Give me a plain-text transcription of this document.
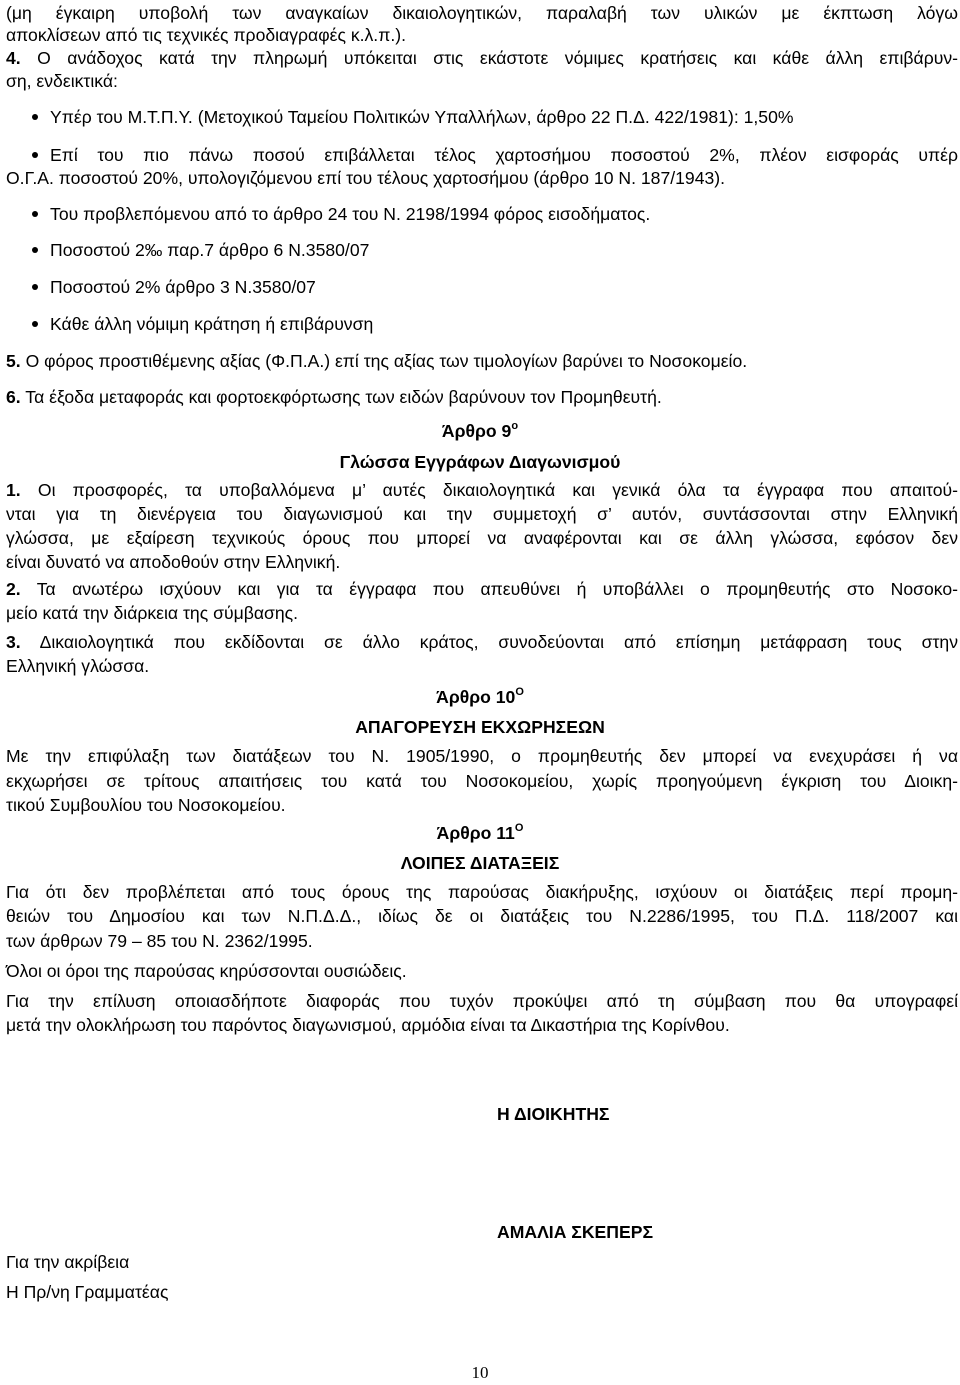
(μη έγκαιρη υποβολή των αναγκαίων δικαιολογητικών, παραλαβή των υλικών με έκπτωση λόγω
αποκλίσεων από τις τεχνικές προδιαγραφές κ.λ.π.).
4. Ο ανάδοχος κατά την πληρωμή υπόκειται στις εκάστοτε νόμιμες κρατήσεις και κάθε άλλη επιβάρυν-
ση, ενδεικτικά:
Υπέρ του Μ.Τ.Π.Υ. (Μετοχικού Ταμείου Πολιτικών Υπαλλήλων, άρθρο 22 Π.Δ. 422/1981): 1,50%
Επί του πιο πάνω ποσού επιβάλλεται τέλος χαρτοσήμου ποσοστού 2%, πλέον εισφοράς υπέρ
Ο.Γ.Α. ποσοστού 20%, υπολογιζόμενου επί του τέλους χαρτοσήμου (άρθρο 10 Ν. 187/1943).
Του προβλεπόμενου από το άρθρο 24 του Ν. 2198/1994 φόρος εισοδήματος.
Ποσοστού 2‰ παρ.7 άρθρο 6 Ν.3580/07
Ποσοστού 2% άρθρο 3 Ν.3580/07
Κάθε άλλη νόμιμη κράτηση ή επιβάρυνση
5. Ο φόρος προστιθέμενης αξίας (Φ.Π.Α.) επί της αξίας των τιμολογίων βαρύνει το Νοσοκομείο.
6. Τα έξοδα μεταφοράς και φορτοεκφόρτωσης των ειδών βαρύνουν τον Προμηθευτή.
Άρθρο $9^o$
Γλώσσα Εγγράφων Διαγωνισμού
1. Οι προσφορές, τα υποβαλλόμενα μ’ αυτές δικαιολογητικά και γενικά όλα τα έγγραφα που απαιτού-
νται για τη διενέργεια του διαγωνισμού και την συμμετοχή σ’ αυτόν, συντάσσονται στην Ελληνική
γλώσσα, με εξαίρεση τεχνικούς όρους που μπορεί να αναφέρονται και σε άλλη γλώσσα, εφόσον δεν
είναι δυνατό να αποδοθούν στην Ελληνική.
2. Τα ανωτέρω ισχύουν και για τα έγγραφα που απευθύνει ή υποβάλλει ο προμηθευτής στο Νοσοκο-
μείο κατά την διάρκεια της σύμβασης.
3. Δικαιολογητικά που εκδίδονται σε άλλο κράτος, συνοδεύονται από επίσημη μετάφραση τους στην
Ελληνική γλώσσα.
Άρθρο $10^O$
ΑΠΑΓΟΡΕΥΣΗ ΕΚΧΩΡΗΣΕΩΝ
Με την επιφύλαξη των διατάξεων του Ν. 1905/1990, ο προμηθευτής δεν μπορεί να ενεχυράσει ή να
εκχωρήσει σε τρίτους απαιτήσεις του κατά του Νοσοκομείου, χωρίς προηγούμενη έγκριση του Διοικη-
τικού Συμβουλίου του Νοσοκομείου.
Άρθρο $11^O$
ΛΟΙΠΕΣ ΔΙΑΤΑΞΕΙΣ
Για ότι δεν προβλέπεται από τους όρους της παρούσας διακήρυξης, ισχύουν οι διατάξεις περί προμη-
θειών του Δημοσίου και των Ν.Π.Δ.Δ., ιδίως δε οι διατάξεις του Ν.2286/1995, του Π.Δ. 118/2007 και
των άρθρων 79 – 85 του Ν. 2362/1995.
Όλοι οι όροι της παρούσας κηρύσσονται ουσιώδεις.
Για την επίλυση οποιασδήποτε διαφοράς που τυχόν προκύψει από τη σύμβαση που θα υπογραφεί
μετά την ολοκλήρωση του παρόντος διαγωνισμού, αρμόδια είναι τα Δικαστήρια της Κορίνθου.
Η ΔΙΟΙΚΗΤΗΣ
ΑΜΑΛΙΑ ΣΚΕΠΕΡΣ
Για την ακρίβεια
Η Πρ/νη Γραμματέας
10
